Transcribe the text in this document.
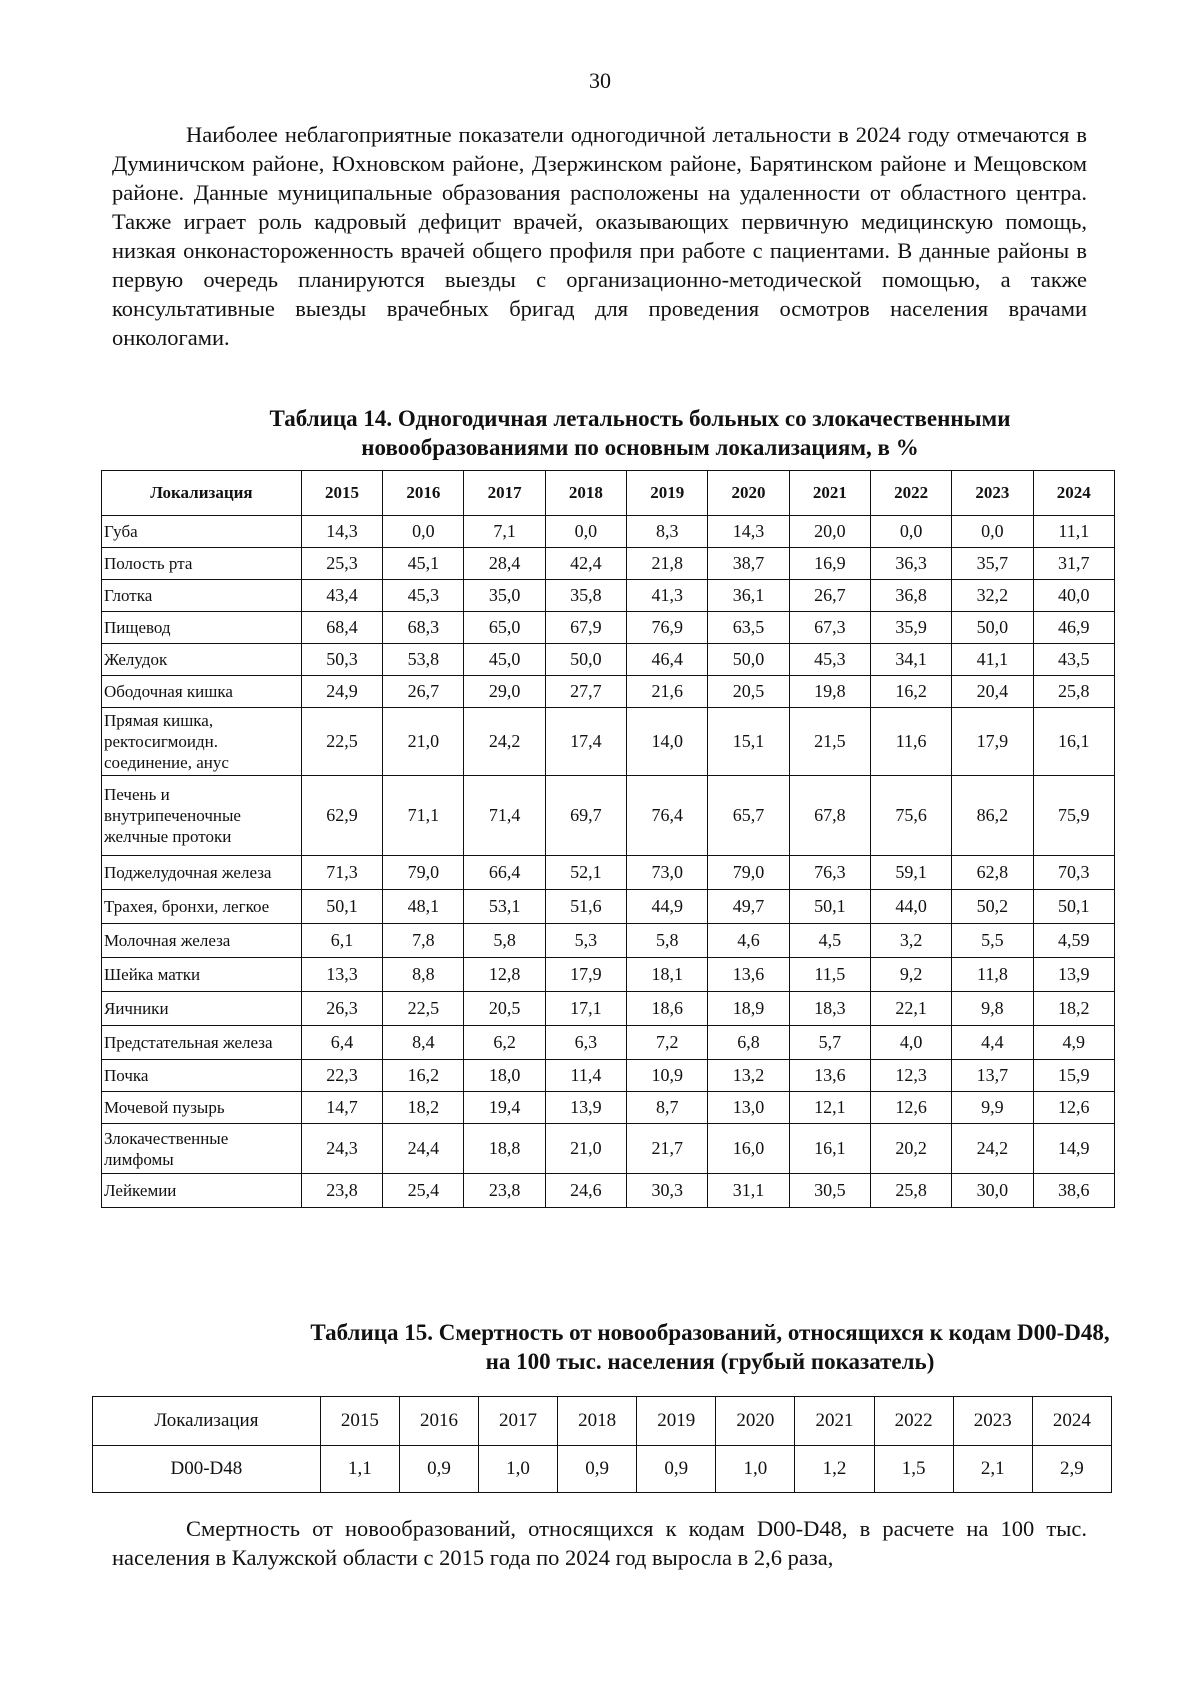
30
Наиболее неблагоприятные показатели одногодичной летальности в 2024 году отмечаются в Думиничском районе, Юхновском районе, Дзержинском районе, Барятинском районе и Мещовском районе. Данные муниципальные образования расположены на удаленности от областного центра. Также играет роль кадровый дефицит врачей, оказывающих первичную медицинскую помощь, низкая онконастороженность врачей общего профиля при работе с пациентами. В данные районы в первую очередь планируются выезды с организационно-методической помощью, а также консультативные выезды врачебных бригад для проведения осмотров населения врачами онкологами.
Таблица 14. Одногодичная летальность больных со злокачественными
новообразованиями по основным локализациям, в %
Локализация	2015	2016	2017	2018	2019	2020	2021	2022	2023	2024
Губа	14,3	0,0	7,1	0,0	8,3	14,3	20,0	0,0	0,0	11,1
Полость рта	25,3	45,1	28,4	42,4	21,8	38,7	16,9	36,3	35,7	31,7
Глотка	43,4	45,3	35,0	35,8	41,3	36,1	26,7	36,8	32,2	40,0
Пищевод	68,4	68,3	65,0	67,9	76,9	63,5	67,3	35,9	50,0	46,9
Желудок	50,3	53,8	45,0	50,0	46,4	50,0	45,3	34,1	41,1	43,5
Ободочная кишка	24,9	26,7	29,0	27,7	21,6	20,5	19,8	16,2	20,4	25,8
Прямая кишка, ректосигмоидн. соединение, анус	22,5	21,0	24,2	17,4	14,0	15,1	21,5	11,6	17,9	16,1
Печень и внутрипеченочные желчные протоки	62,9	71,1	71,4	69,7	76,4	65,7	67,8	75,6	86,2	75,9
Поджелудочная железа	71,3	79,0	66,4	52,1	73,0	79,0	76,3	59,1	62,8	70,3
Трахея, бронхи, легкое	50,1	48,1	53,1	51,6	44,9	49,7	50,1	44,0	50,2	50,1
Молочная железа	6,1	7,8	5,8	5,3	5,8	4,6	4,5	3,2	5,5	4,59
Шейка матки	13,3	8,8	12,8	17,9	18,1	13,6	11,5	9,2	11,8	13,9
Яичники	26,3	22,5	20,5	17,1	18,6	18,9	18,3	22,1	9,8	18,2
Предстательная железа	6,4	8,4	6,2	6,3	7,2	6,8	5,7	4,0	4,4	4,9
Почка	22,3	16,2	18,0	11,4	10,9	13,2	13,6	12,3	13,7	15,9
Мочевой пузырь	14,7	18,2	19,4	13,9	8,7	13,0	12,1	12,6	9,9	12,6
Злокачественные лимфомы	24,3	24,4	18,8	21,0	21,7	16,0	16,1	20,2	24,2	14,9
Лейкемии	23,8	25,4	23,8	24,6	30,3	31,1	30,5	25,8	30,0	38,6
Таблица 15. Смертность от новообразований, относящихся к кодам D00-D48,
на 100 тыс. населения (грубый показатель)
Локализация	2015	2016	2017	2018	2019	2020	2021	2022	2023	2024
D00-D48	1,1	0,9	1,0	0,9	0,9	1,0	1,2	1,5	2,1	2,9
Смертность от новообразований, относящихся к кодам D00-D48, в расчете на 100 тыс. населения в Калужской области с 2015 года по 2024 год выросла в 2,6 раза,
